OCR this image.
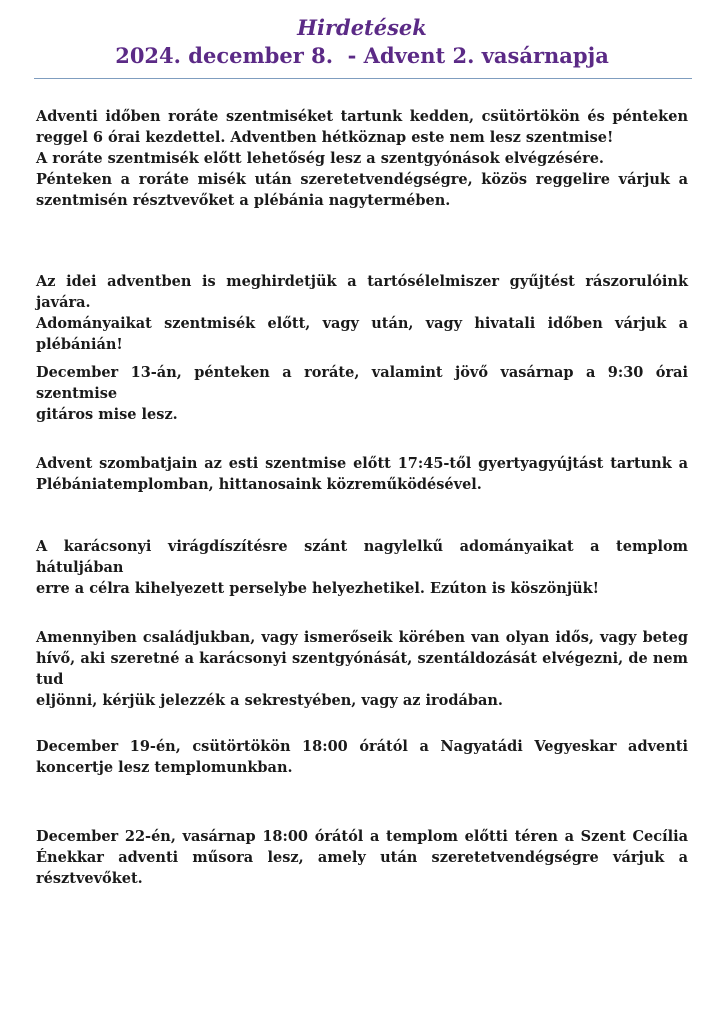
Hirdetések
2024. december 8.  - Advent 2. vasárnapja
Adventi időben roráte szentmiséket tartunk kedden, csütörtökön és pénteken
reggel 6 órai kezdettel. Adventben hétköznap este nem lesz szentmise!
A roráte szentmisék előtt lehetőség lesz a szentgyónások elvégzésére.
Pénteken a roráte misék után szeretetvendégségre, közös reggelire várjuk a
szentmisén résztvevőket a plébánia nagytermében.
Az idei adventben is meghirdetjük a tartósélelmiszer gyűjtést rászorulóink javára.
Adományaikat szentmisék előtt, vagy után, vagy hivatali időben várjuk a plébánián!
December 13-án, pénteken a roráte, valamint jövő vasárnap a 9:30 órai szentmise
gitáros mise lesz.
Advent szombatjain az esti szentmise előtt 17:45-től gyertyagyújtást tartunk a
Plébániatemplomban, hittanosaink közreműködésével.
A karácsonyi virágdíszítésre szánt nagylelkű adományaikat a templom hátuljában
erre a célra kihelyezett perselybe helyezhetikel. Ezúton is köszönjük!
Amennyiben családjukban, vagy ismerőseik körében van olyan idős, vagy beteg
hívő, aki szeretné a karácsonyi szentgyónását, szentáldozását elvégezni, de nem tud
eljönni, kérjük jelezzék a sekrestyében, vagy az irodában.
December 19-én, csütörtökön 18:00 órától a Nagyatádi Vegyeskar adventi
koncertje lesz templomunkban.
December 22-én, vasárnap 18:00 órától a templom előtti téren a Szent Cecília
Énekkar adventi műsora lesz, amely után szeretetvendégségre várjuk a
résztvevőket.
